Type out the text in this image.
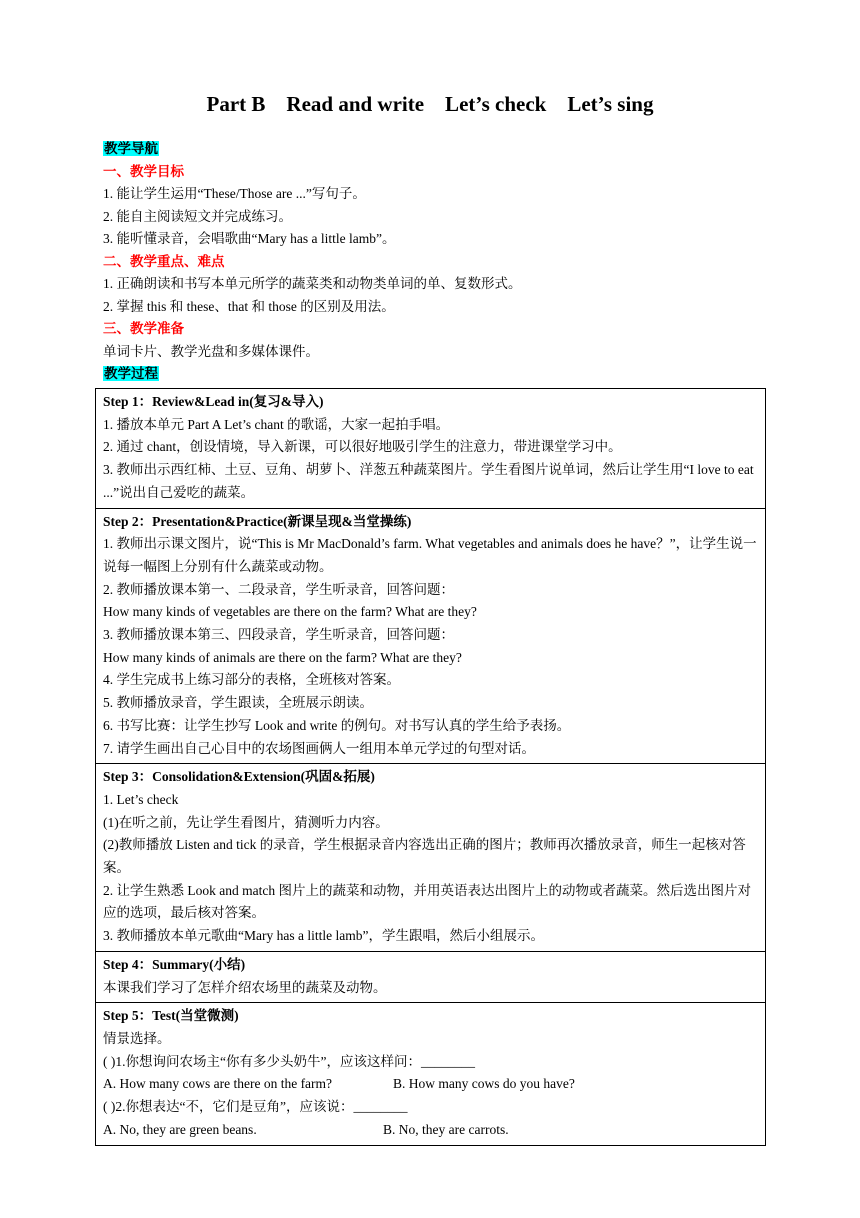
Part B    Read and write    Let’s check    Let’s sing
教学导航
一、教学目标
1. 能让学生运用“These/Those are ...”写句子。
2. 能自主阅读短文并完成练习。
3. 能听懂录音，会唱歌曲“Mary has a little lamb”。
二、教学重点、难点
1. 正确朗读和书写本单元所学的蔬菜类和动物类单词的单、复数形式。
2. 掌握 this 和 these、that 和 those 的区别及用法。
三、教学准备
单词卡片、教学光盘和多媒体课件。
教学过程
Step 1：Review&Lead in(复习&导入)
1. 播放本单元 Part A Let’s chant 的歌谣，大家一起拍手唱。
2. 通过 chant，创设情境，导入新课，可以很好地吸引学生的注意力，带进课堂学习中。
3. 教师出示西红柿、土豆、豆角、胡萝卜、洋葱五种蔬菜图片。学生看图片说单词，然后让学生用“I love to eat ...”说出自己爱吃的蔬菜。

Step 2：Presentation&Practice(新课呈现&当堂操练)
1. 教师出示课文图片，说“This is Mr MacDonald’s farm. What vegetables and animals does he have？”，让学生说一说每一幅图上分别有什么蔬菜或动物。
2. 教师播放课本第一、二段录音，学生听录音，回答问题：
How many kinds of vegetables are there on the farm? What are they?
3. 教师播放课本第三、四段录音，学生听录音，回答问题：
How many kinds of animals are there on the farm? What are they?
4. 学生完成书上练习部分的表格，全班核对答案。
5. 教师播放录音，学生跟读，全班展示朗读。
6. 书写比赛：让学生抄写 Look and write 的例句。对书写认真的学生给予表扬。
7. 请学生画出自己心目中的农场图画俩人一组用本单元学过的句型对话。

Step 3：Consolidation&Extension(巩固&拓展)
1. Let’s check
(1)在听之前，先让学生看图片，猜测听力内容。
(2)教师播放 Listen and tick 的录音，学生根据录音内容选出正确的图片；教师再次播放录音，师生一起核对答案。
2. 让学生熟悉 Look and match 图片上的蔬菜和动物，并用英语表达出图片上的动物或者蔬菜。然后选出图片对应的选项，最后核对答案。
3. 教师播放本单元歌曲“Mary has a little lamb”，学生跟唱，然后小组展示。

Step 4：Summary(小结)
本课我们学习了怎样介绍农场里的蔬菜及动物。

Step 5：Test(当堂微测)
情景选择。
( )1.你想询问农场主“你有多少头奶牛”，应该这样问：________
A. How many cows are there on the farm?	B. How many cows do you have?
( )2.你想表达“不，它们是豆角”，应该说：________
A. No, they are green beans.	B. No, they are carrots.
